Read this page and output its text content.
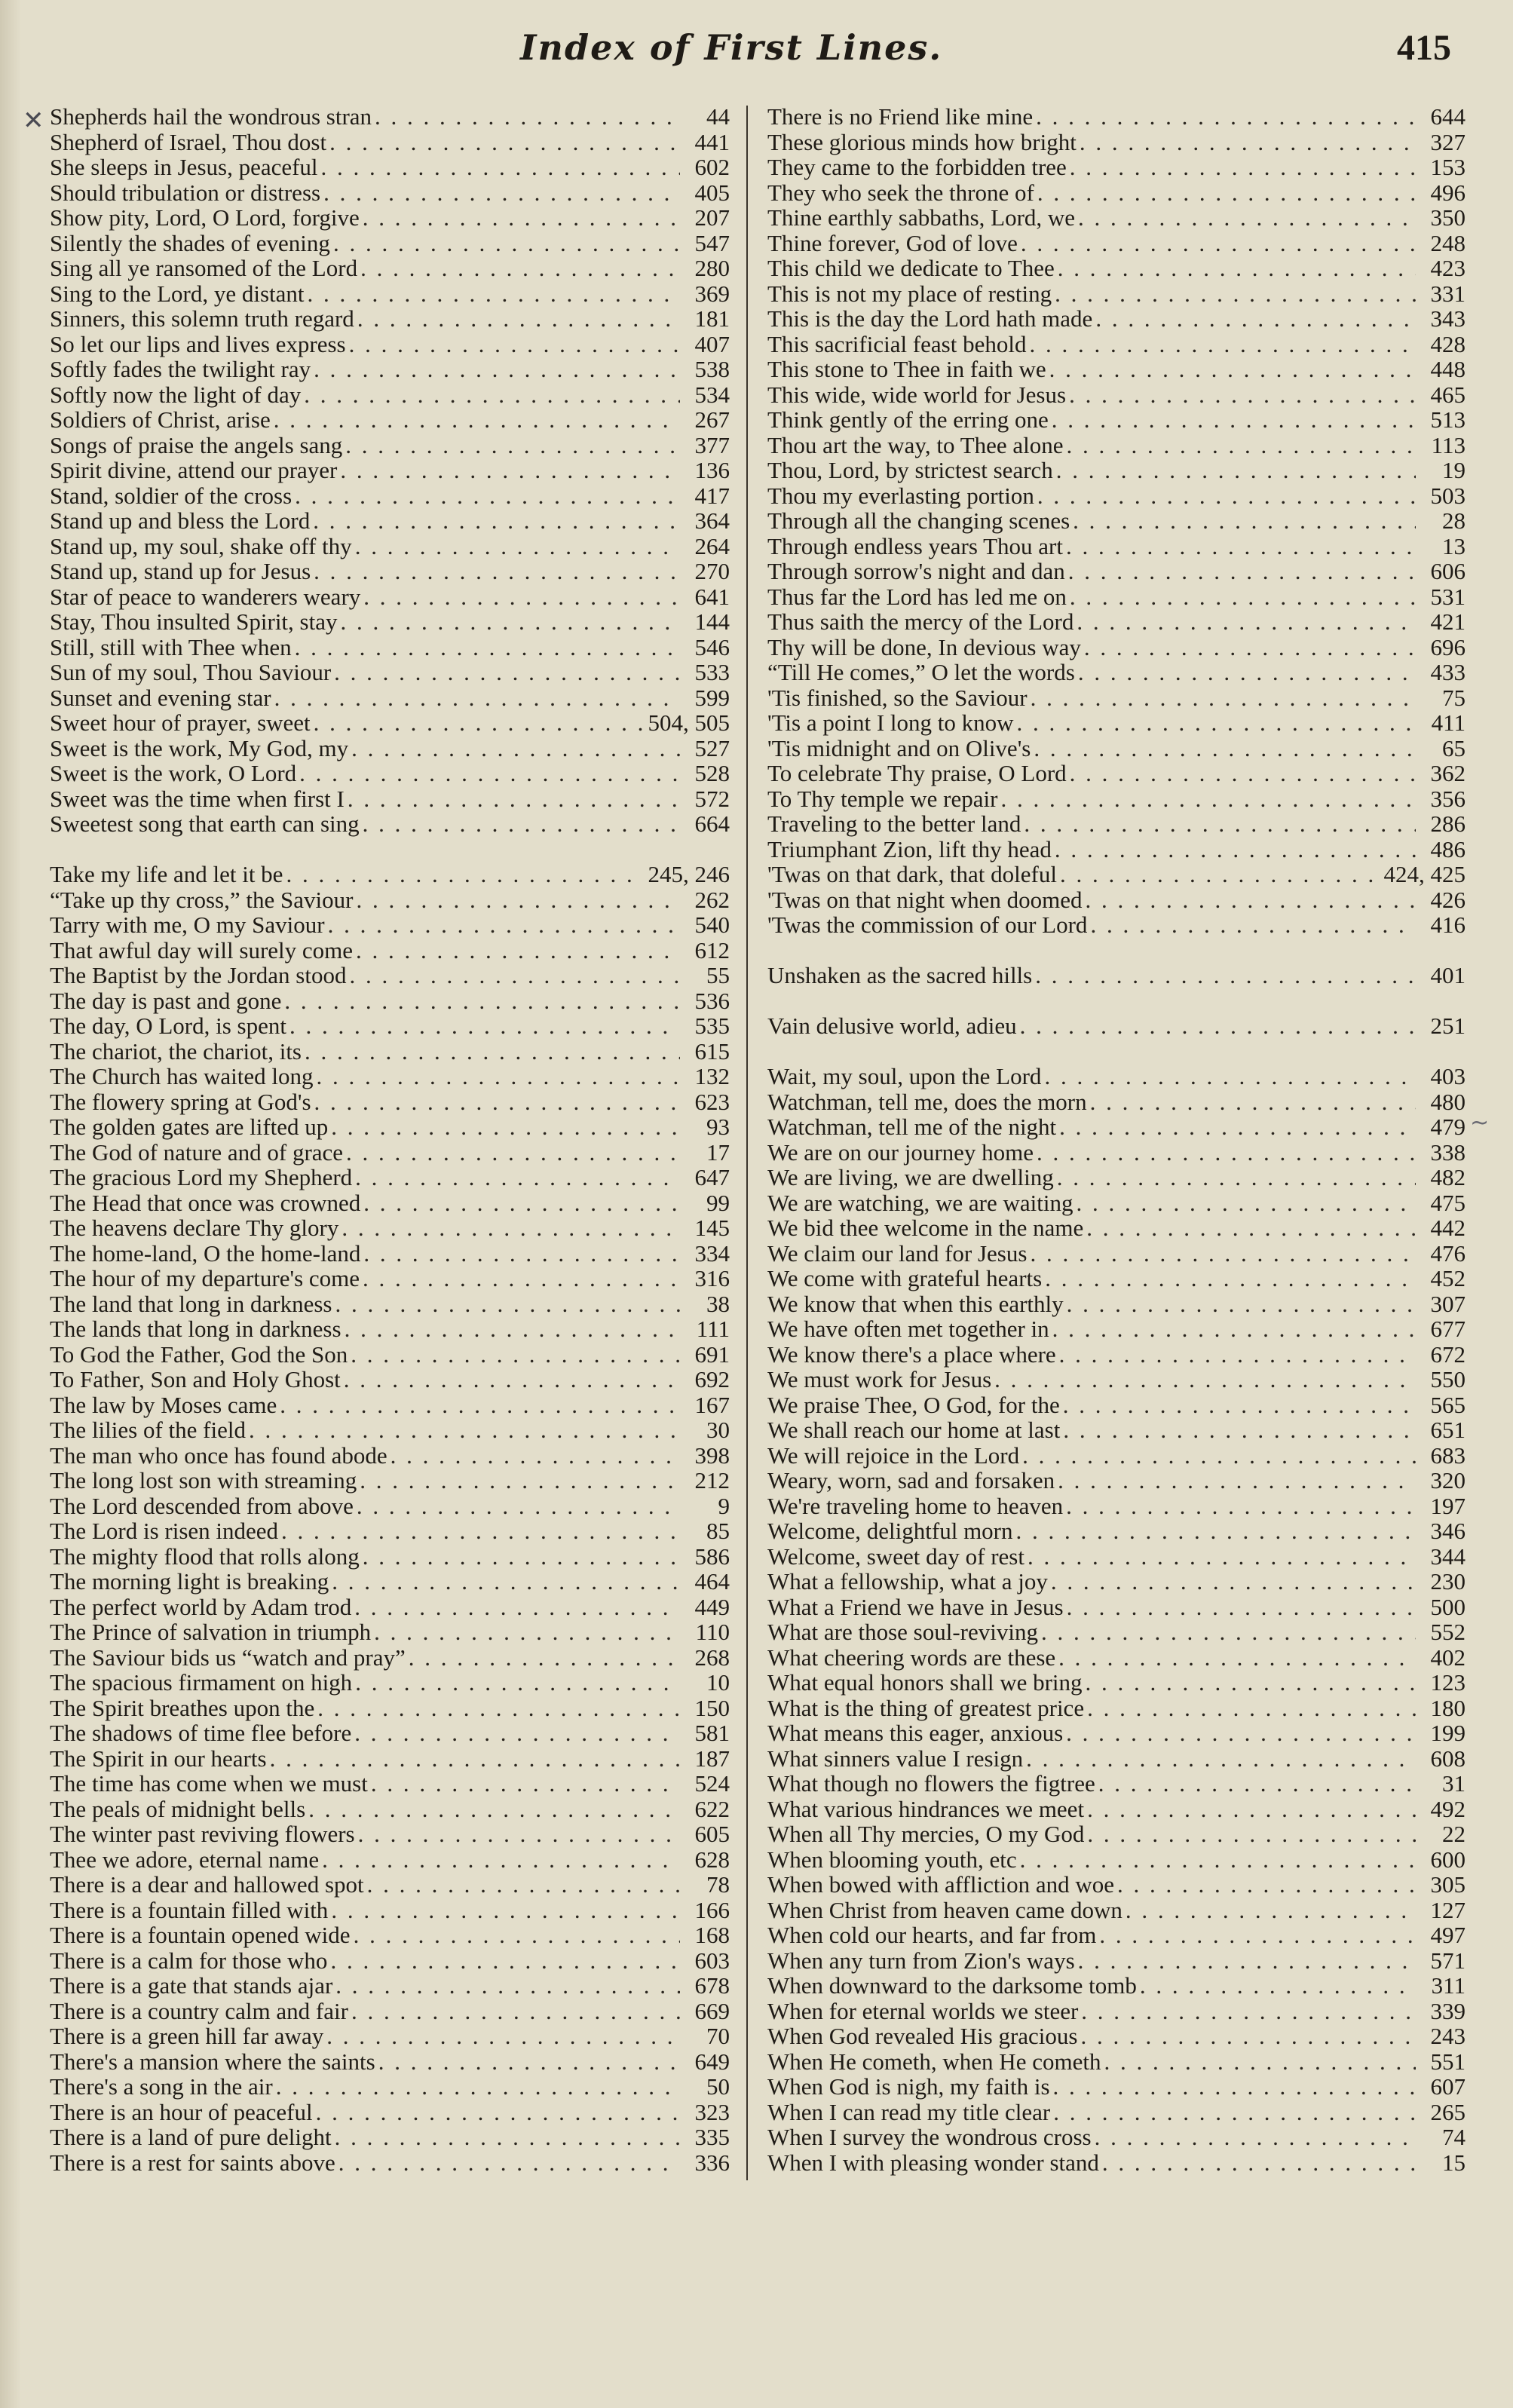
Index of First Lines.	415
✕
~
Shepherds hail the wondrous stran . . .	44
Shepherd of Israel, Thou dost . . .	441
She sleeps in Jesus, peaceful . . .	602
Should tribulation or distress . . .	405
Show pity, Lord, O Lord, forgive . . .	207
Silently the shades of evening . . .	547
Sing all ye ransomed of the Lord . . .	280
Sing to the Lord, ye distant . . .	369
Sinners, this solemn truth regard . . .	181
So let our lips and lives express . . .	407
Softly fades the twilight ray . . .	538
Softly now the light of day . . .	534
Soldiers of Christ, arise . . .	267
Songs of praise the angels sang . . .	377
Spirit divine, attend our prayer . . .	136
Stand, soldier of the cross . . .	417
Stand up and bless the Lord . . .	364
Stand up, my soul, shake off thy . . .	264
Stand up, stand up for Jesus . . .	270
Star of peace to wanderers weary . . .	641
Stay, Thou insulted Spirit, stay . . .	144
Still, still with Thee when . . .	546
Sun of my soul, Thou Saviour . . .	533
Sunset and evening star . . .	599
Sweet hour of prayer, sweet . . .	504, 505
Sweet is the work, My God, my . . .	527
Sweet is the work, O Lord . . .	528
Sweet was the time when first I . . .	572
Sweetest song that earth can sing . . .	664
Take my life and let it be . . .	245, 246
“Take up thy cross,” the Saviour . . .	262
Tarry with me, O my Saviour . . .	540
That awful day will surely come . . .	612
The Baptist by the Jordan stood . . .	55
The day is past and gone . . .	536
The day, O Lord, is spent . . .	535
The chariot, the chariot, its . . .	615
The Church has waited long . . .	132
The flowery spring at God's . . .	623
The golden gates are lifted up . . .	93
The God of nature and of grace . . .	17
The gracious Lord my Shepherd . . .	647
The Head that once was crowned . . .	99
The heavens declare Thy glory . . .	145
The home-land, O the home-land . . .	334
The hour of my departure's come . . .	316
The land that long in darkness . . .	38
The lands that long in darkness . . .	111
To God the Father, God the Son . . .	691
To Father, Son and Holy Ghost . . .	692
The law by Moses came . . .	167
The lilies of the field . . .	30
The man who once has found abode . . .	398
The long lost son with streaming . . .	212
The Lord descended from above . . .	9
The Lord is risen indeed . . .	85
The mighty flood that rolls along . . .	586
The morning light is breaking . . .	464
The perfect world by Adam trod . . .	449
The Prince of salvation in triumph . . .	110
The Saviour bids us “watch and pray” . . .	268
The spacious firmament on high . . .	10
The Spirit breathes upon the . . .	150
The shadows of time flee before . . .	581
The Spirit in our hearts . . .	187
The time has come when we must . . .	524
The peals of midnight bells . . .	622
The winter past reviving flowers . . .	605
Thee we adore, eternal name . . .	628
There is a dear and hallowed spot . . .	78
There is a fountain filled with . . .	166
There is a fountain opened wide . . .	168
There is a calm for those who . . .	603
There is a gate that stands ajar . . .	678
There is a country calm and fair . . .	669
There is a green hill far away . . .	70
There's a mansion where the saints . . .	649
There's a song in the air . . .	50
There is an hour of peaceful . . .	323
There is a land of pure delight . . .	335
There is a rest for saints above . . .	336
There is no Friend like mine . . .	644
These glorious minds how bright . . .	327
They came to the forbidden tree . . .	153
They who seek the throne of . . .	496
Thine earthly sabbaths, Lord, we . . .	350
Thine forever, God of love . . .	248
This child we dedicate to Thee . . .	423
This is not my place of resting . . .	331
This is the day the Lord hath made . . .	343
This sacrificial feast behold . . .	428
This stone to Thee in faith we . . .	448
This wide, wide world for Jesus . . .	465
Think gently of the erring one . . .	513
Thou art the way, to Thee alone . . .	113
Thou, Lord, by strictest search . . .	19
Thou my everlasting portion . . .	503
Through all the changing scenes . . .	28
Through endless years Thou art . . .	13
Through sorrow's night and dan . . .	606
Thus far the Lord has led me on . . .	531
Thus saith the mercy of the Lord . . .	421
Thy will be done, In devious way . . .	696
“Till He comes,” O let the words . . .	433
'Tis finished, so the Saviour . . .	75
'Tis a point I long to know . . .	411
'Tis midnight and on Olive's . . .	65
To celebrate Thy praise, O Lord . . .	362
To Thy temple we repair . . .	356
Traveling to the better land . . .	286
Triumphant Zion, lift thy head . . .	486
'Twas on that dark, that doleful . . .	424, 425
'Twas on that night when doomed . . .	426
'Twas the commission of our Lord . . .	416
Unshaken as the sacred hills . . .	401
Vain delusive world, adieu . . .	251
Wait, my soul, upon the Lord . . .	403
Watchman, tell me, does the morn . . .	480
Watchman, tell me of the night . . .	479
We are on our journey home . . .	338
We are living, we are dwelling . . .	482
We are watching, we are waiting . . .	475
We bid thee welcome in the name . . .	442
We claim our land for Jesus . . .	476
We come with grateful hearts . . .	452
We know that when this earthly . . .	307
We have often met together in . . .	677
We know there's a place where . . .	672
We must work for Jesus . . .	550
We praise Thee, O God, for the . . .	565
We shall reach our home at last . . .	651
We will rejoice in the Lord . . .	683
Weary, worn, sad and forsaken . . .	320
We're traveling home to heaven . . .	197
Welcome, delightful morn . . .	346
Welcome, sweet day of rest . . .	344
What a fellowship, what a joy . . .	230
What a Friend we have in Jesus . . .	500
What are those soul-reviving . . .	552
What cheering words are these . . .	402
What equal honors shall we bring . . .	123
What is the thing of greatest price . . .	180
What means this eager, anxious . . .	199
What sinners value I resign . . .	608
What though no flowers the figtree . . .	31
What various hindrances we meet . . .	492
When all Thy mercies, O my God . . .	22
When blooming youth, etc . . .	600
When bowed with affliction and woe . . .	305
When Christ from heaven came down . . .	127
When cold our hearts, and far from . . .	497
When any turn from Zion's ways . . .	571
When downward to the darksome tomb . . .	311
When for eternal worlds we steer . . .	339
When God revealed His gracious . . .	243
When He cometh, when He cometh . . .	551
When God is nigh, my faith is . . .	607
When I can read my title clear . . .	265
When I survey the wondrous cross . . .	74
When I with pleasing wonder stand . . .	15
